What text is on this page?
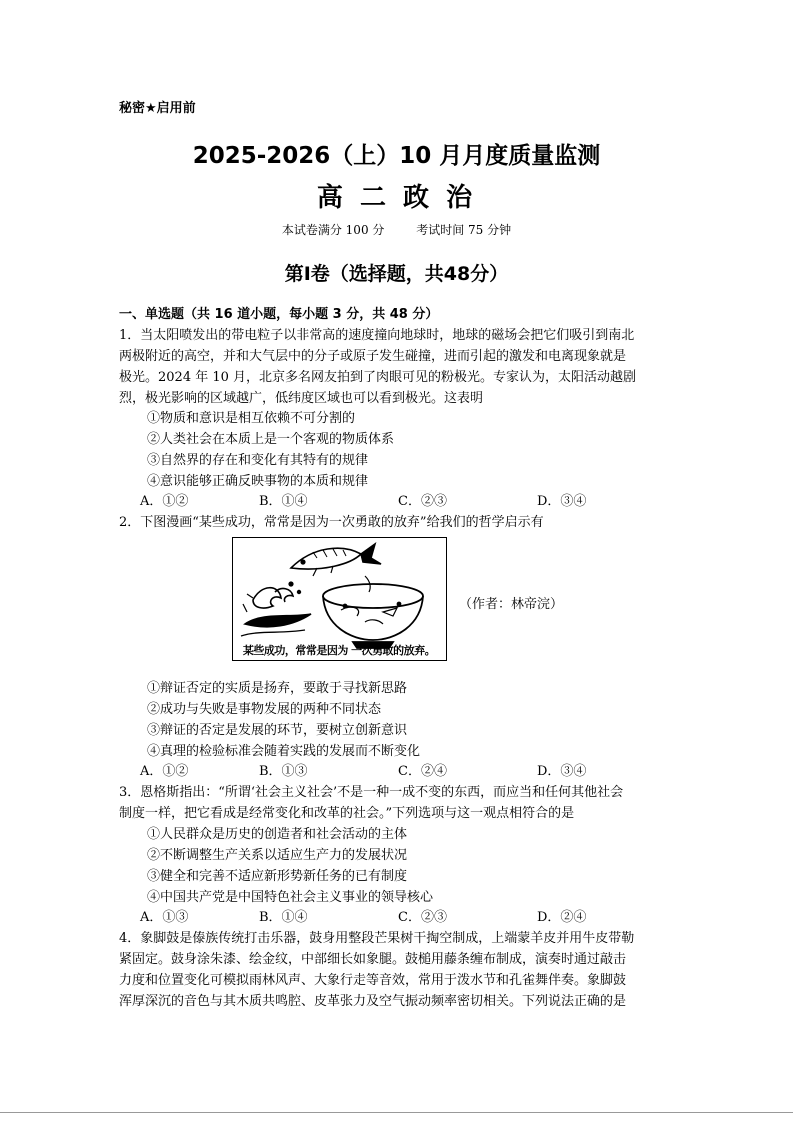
秘密★启用前
2025-2026（上）10 月月度质量监测
高 二 政 治
本试卷满分 100 分	考试时间 75 分钟
第Ⅰ卷（选择题，共48分）
一、单选题（共 16 道小题，每小题 3 分，共 48 分）
1．当太阳喷发出的带电粒子以非常高的速度撞向地球时，地球的磁场会把它们吸引到南北
两极附近的高空，并和大气层中的分子或原子发生碰撞，进而引起的激发和电离现象就是
极光。2024 年 10 月，北京多名网友拍到了肉眼可见的粉极光。专家认为，太阳活动越剧
烈，极光影响的区域越广，低纬度区域也可以看到极光。这表明
①物质和意识是相互依赖不可分割的
②人类社会在本质上是一个客观的物质体系
③自然界的存在和变化有其特有的规律
④意识能够正确反映事物的本质和规律
A．①②	B．①④	C．②③	D．③④
2．下图漫画“某些成功，常常是因为一次勇敢的放弃”给我们的哲学启示有
某些成功，常常是因为 一次勇敢的放弃。
（作者：林帝浣）
①辩证否定的实质是扬弃，要敢于寻找新思路
②成功与失败是事物发展的两种不同状态
③辩证的否定是发展的环节，要树立创新意识
④真理的检验标准会随着实践的发展而不断变化
A．①②	B．①③	C．②④	D．③④
3．恩格斯指出：“所谓‘社会主义社会’不是一种一成不变的东西，而应当和任何其他社会
制度一样，把它看成是经常变化和改革的社会。”下列选项与这一观点相符合的是
①人民群众是历史的创造者和社会活动的主体
②不断调整生产关系以适应生产力的发展状况
③健全和完善不适应新形势新任务的已有制度
④中国共产党是中国特色社会主义事业的领导核心
A．①③	B．①④	C．②③	D．②④
4．象脚鼓是傣族传统打击乐器，鼓身用整段芒果树干掏空制成，上端蒙羊皮并用牛皮带勒
紧固定。鼓身涂朱漆、绘金纹，中部细长如象腿。鼓槌用藤条缠布制成，演奏时通过敲击
力度和位置变化可模拟雨林风声、大象行走等音效，常用于泼水节和孔雀舞伴奏。象脚鼓
浑厚深沉的音色与其木质共鸣腔、皮革张力及空气振动频率密切相关。下列说法正确的是
